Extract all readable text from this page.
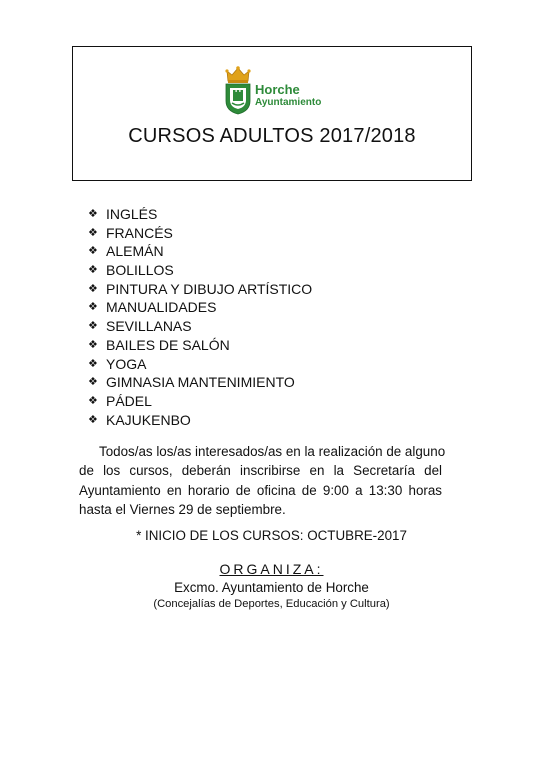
Horche
Ayuntamiento
CURSOS ADULTOS 2017/2018
❖ INGLÉS
❖ FRANCÉS
❖ ALEMÁN
❖ BOLILLOS
❖ PINTURA Y DIBUJO ARTÍSTICO
❖ MANUALIDADES
❖ SEVILLANAS
❖ BAILES DE SALÓN
❖ YOGA
❖ GIMNASIA MANTENIMIENTO
❖ PÁDEL
❖ KAJUKENBO
Todos/as los/as interesados/as en la realización de alguno
de los cursos, deberán inscribirse en la Secretaría del
Ayuntamiento en horario de oficina de 9:00 a 13:30 horas
hasta el Viernes 29 de septiembre.
* INICIO DE LOS CURSOS: OCTUBRE-2017
ORGANIZA:
Excmo. Ayuntamiento de Horche
(Concejalías de Deportes, Educación y Cultura)
